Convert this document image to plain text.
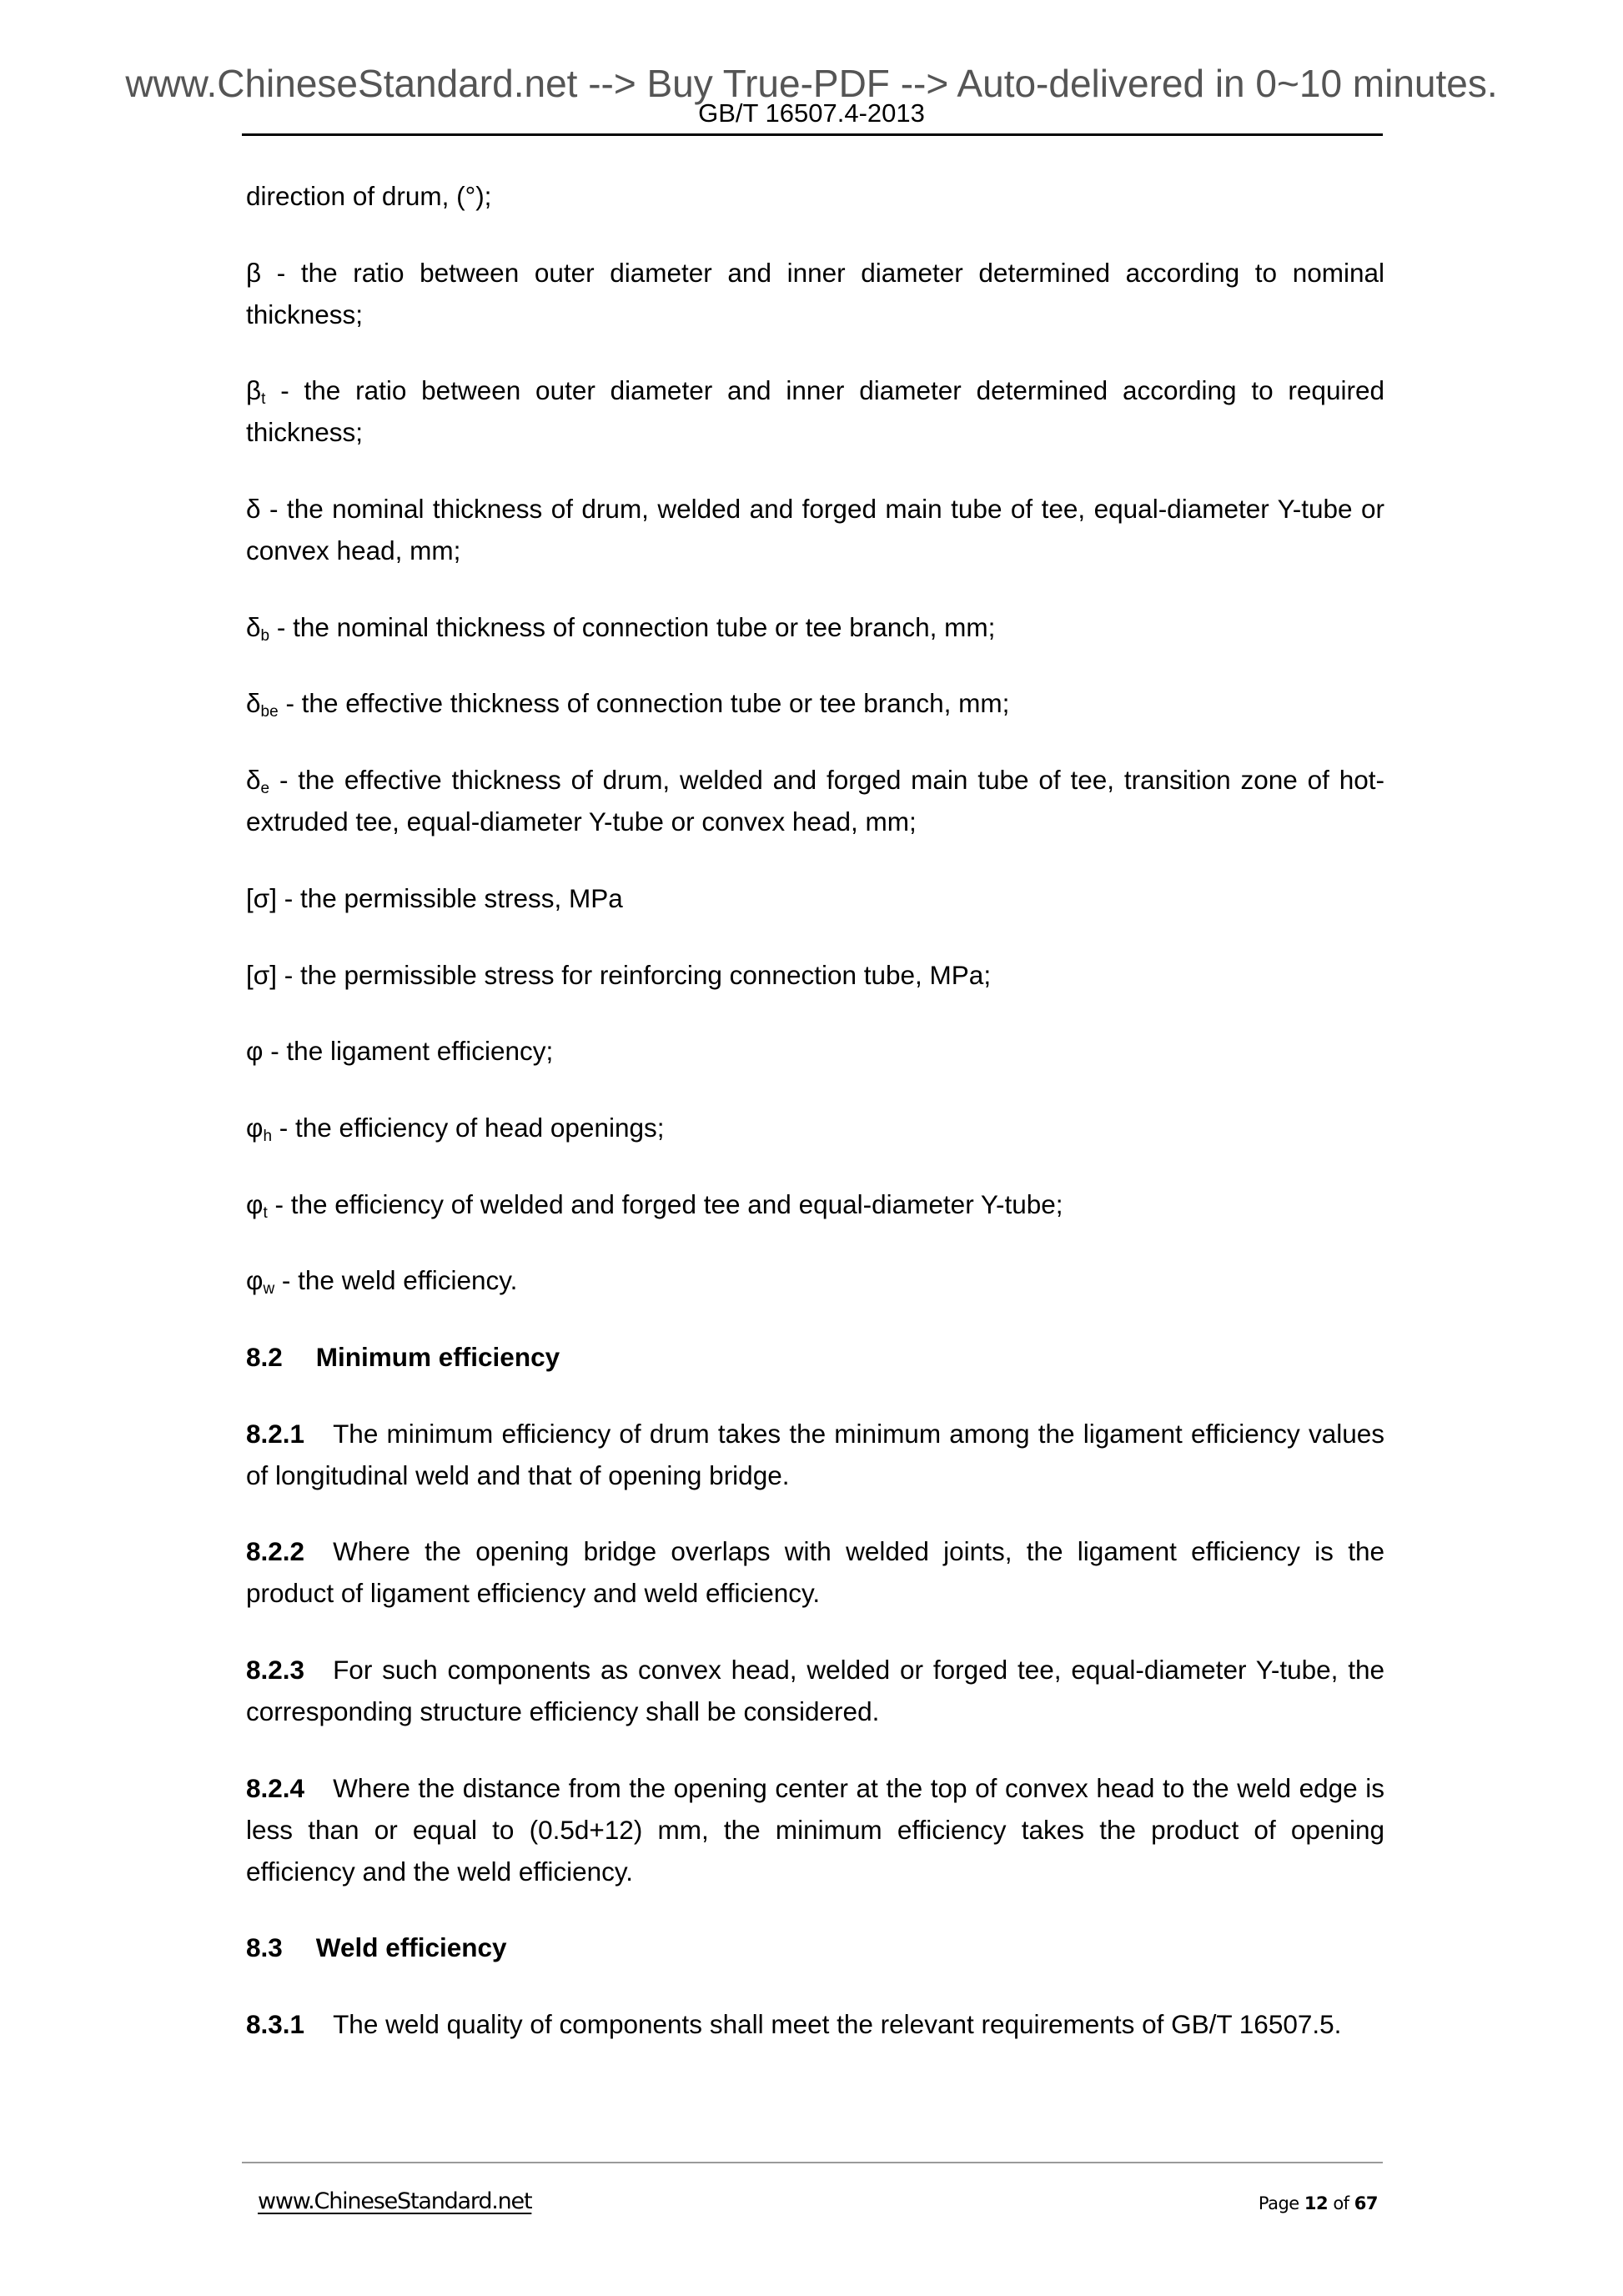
www.ChineseStandard.net --> Buy True-PDF --> Auto-delivered in 0~10 minutes.
GB/T 16507.4-2013

direction of drum, (°);

β - the ratio between outer diameter and inner diameter determined according to nominal thickness;

$\beta_t$ - the ratio between outer diameter and inner diameter determined according to required thickness;

δ - the nominal thickness of drum, welded and forged main tube of tee, equal-diameter Y-tube or convex head, mm;

$\delta_b$ - the nominal thickness of connection tube or tee branch, mm;

$\delta_{be}$ - the effective thickness of connection tube or tee branch, mm;

$\delta_e$ - the effective thickness of drum, welded and forged main tube of tee, transition zone of hot-extruded tee, equal-diameter Y-tube or convex head, mm;

[σ] - the permissible stress, MPa

[σ] - the permissible stress for reinforcing connection tube, MPa;

φ - the ligament efficiency;

$\varphi_h$ - the efficiency of head openings;

$\varphi_t$ - the efficiency of welded and forged tee and equal-diameter Y-tube;

$\varphi_w$ - the weld efficiency.

8.2 Minimum efficiency

8.2.1 The minimum efficiency of drum takes the minimum among the ligament efficiency values of longitudinal weld and that of opening bridge.

8.2.2 Where the opening bridge overlaps with welded joints, the ligament efficiency is the product of ligament efficiency and weld efficiency.

8.2.3 For such components as convex head, welded or forged tee, equal-diameter Y-tube, the corresponding structure efficiency shall be considered.

8.2.4 Where the distance from the opening center at the top of convex head to the weld edge is less than or equal to (0.5d+12) mm, the minimum efficiency takes the product of opening efficiency and the weld efficiency.

8.3 Weld efficiency

8.3.1 The weld quality of components shall meet the relevant requirements of GB/T 16507.5.

www.ChineseStandard.net	Page 12 of 67
